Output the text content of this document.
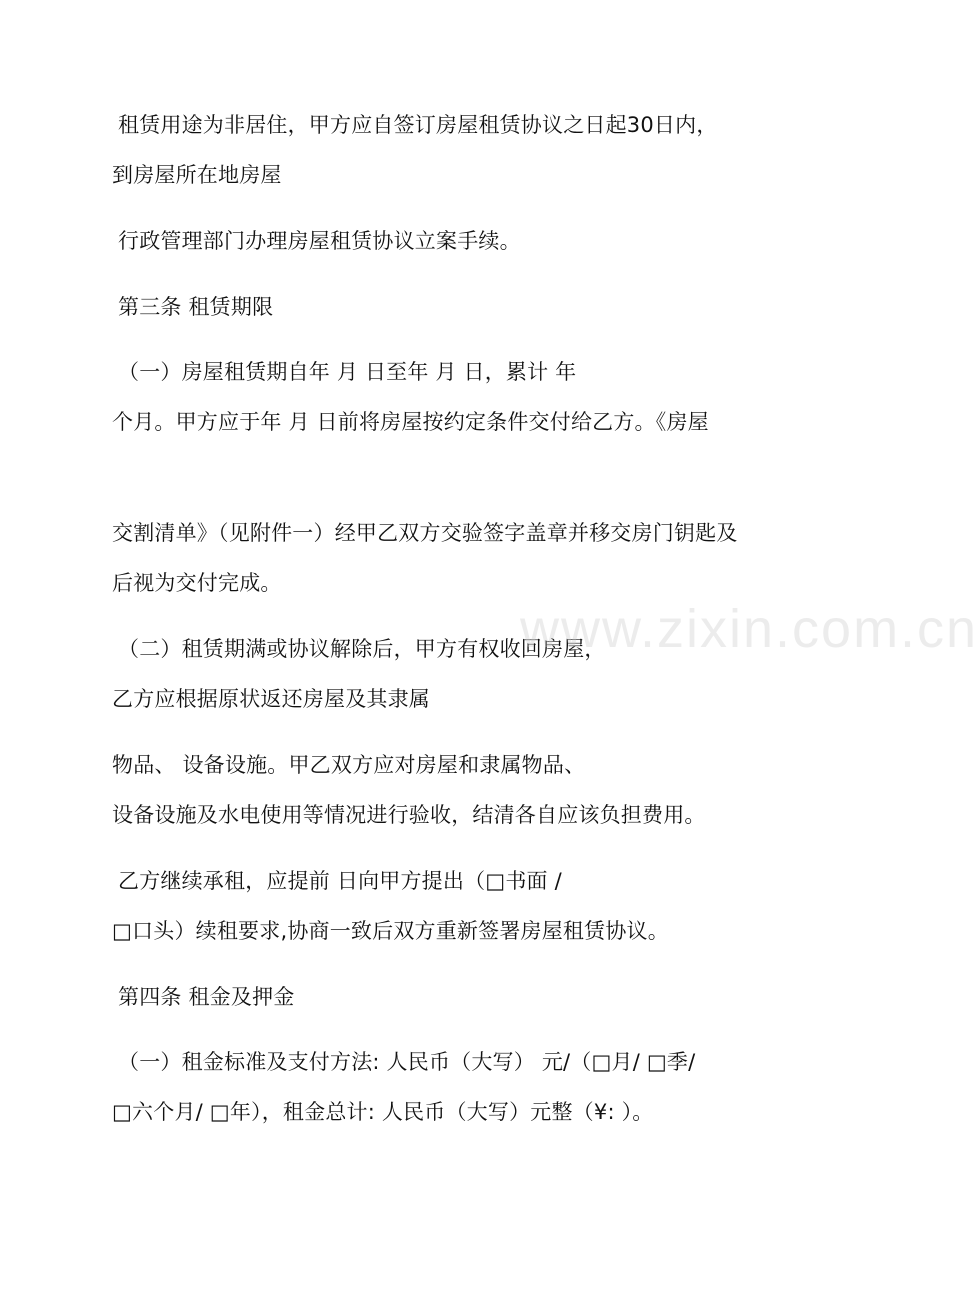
租赁用途为非居住，甲方应自签订房屋租赁协议之日起30日内，
到房屋所在地房屋
行政管理部门办理房屋租赁协议立案手续。
第三条 租赁期限
（一）房屋租赁期自年 月 日至年 月 日，累计 年
个月。甲方应于年 月 日前将房屋按约定条件交付给乙方。《房屋
交割清单》（见附件一）经甲乙双方交验签字盖章并移交房门钥匙及
后视为交付完成。
（二）租赁期满或协议解除后，甲方有权收回房屋，
乙方应根据原状返还房屋及其隶属
物品、 设备设施。甲乙双方应对房屋和隶属物品、
设备设施及水电使用等情况进行验收，结清各自应该负担费用。
乙方继续承租，应提前 日向甲方提出（□书面 /
□口头）续租要求,协商一致后双方重新签署房屋租赁协议。
第四条 租金及押金
（一）租金标准及支付方法: 人民币（大写） 元/（□月/ □季/
□六个月/ □年），租金总计: 人民币（大写）元整（¥: ）。
www.zixin.com.cn
